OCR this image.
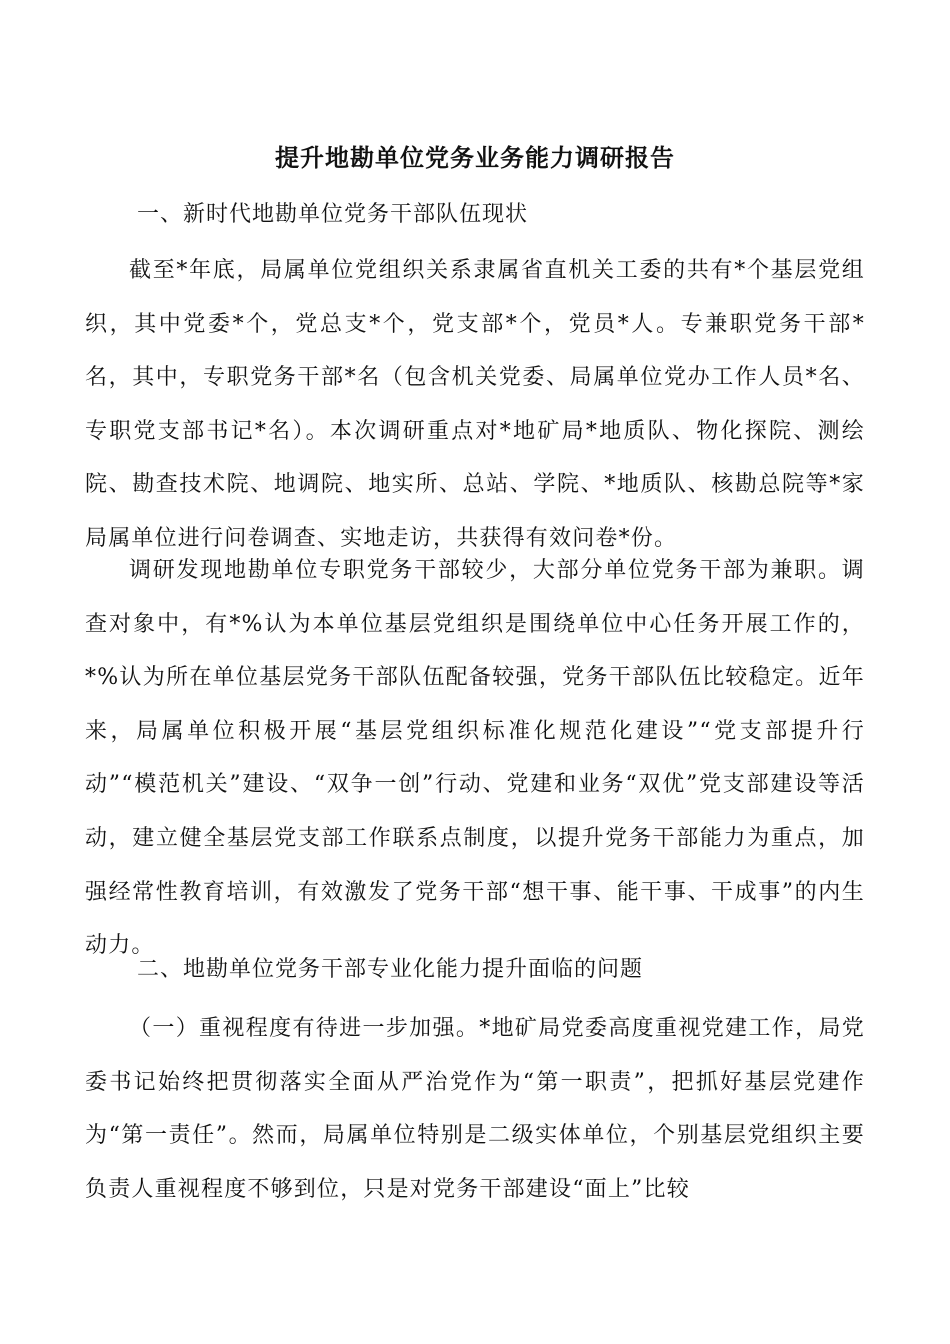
提升地勘单位党务业务能力调研报告
一、新时代地勘单位党务干部队伍现状

截至*年底，局属单位党组织关系隶属省直机关工委的共有*个基层党组织，其中党委*个，党总支*个，党支部*个，党员*人。专兼职党务干部*名，其中，专职党务干部*名（包含机关党委、局属单位党办工作人员*名、专职党支部书记*名）。本次调研重点对*地矿局*地质队、物化探院、测绘院、勘查技术院、地调院、地实所、总站、学院、*地质队、核勘总院等*家局属单位进行问卷调查、实地走访，共获得有效问卷*份。

调研发现地勘单位专职党务干部较少，大部分单位党务干部为兼职。调查对象中，有*%认为本单位基层党组织是围绕单位中心任务开展工作的，*%认为所在单位基层党务干部队伍配备较强，党务干部队伍比较稳定。近年来，局属单位积极开展“基层党组织标准化规范化建设”“党支部提升行动”“模范机关”建设、“双争一创”行动、党建和业务“双优”党支部建设等活动，建立健全基层党支部工作联系点制度，以提升党务干部能力为重点，加强经常性教育培训，有效激发了党务干部“想干事、能干事、干成事”的内生动力。

二、地勘单位党务干部专业化能力提升面临的问题

（一）重视程度有待进一步加强。*地矿局党委高度重视党建工作，局党委书记始终把贯彻落实全面从严治党作为“第一职责”，把抓好基层党建作为“第一责任”。然而，局属单位特别是二级实体单位，个别基层党组织主要负责人重视程度不够到位，只是对党务干部建设“面上”比较
